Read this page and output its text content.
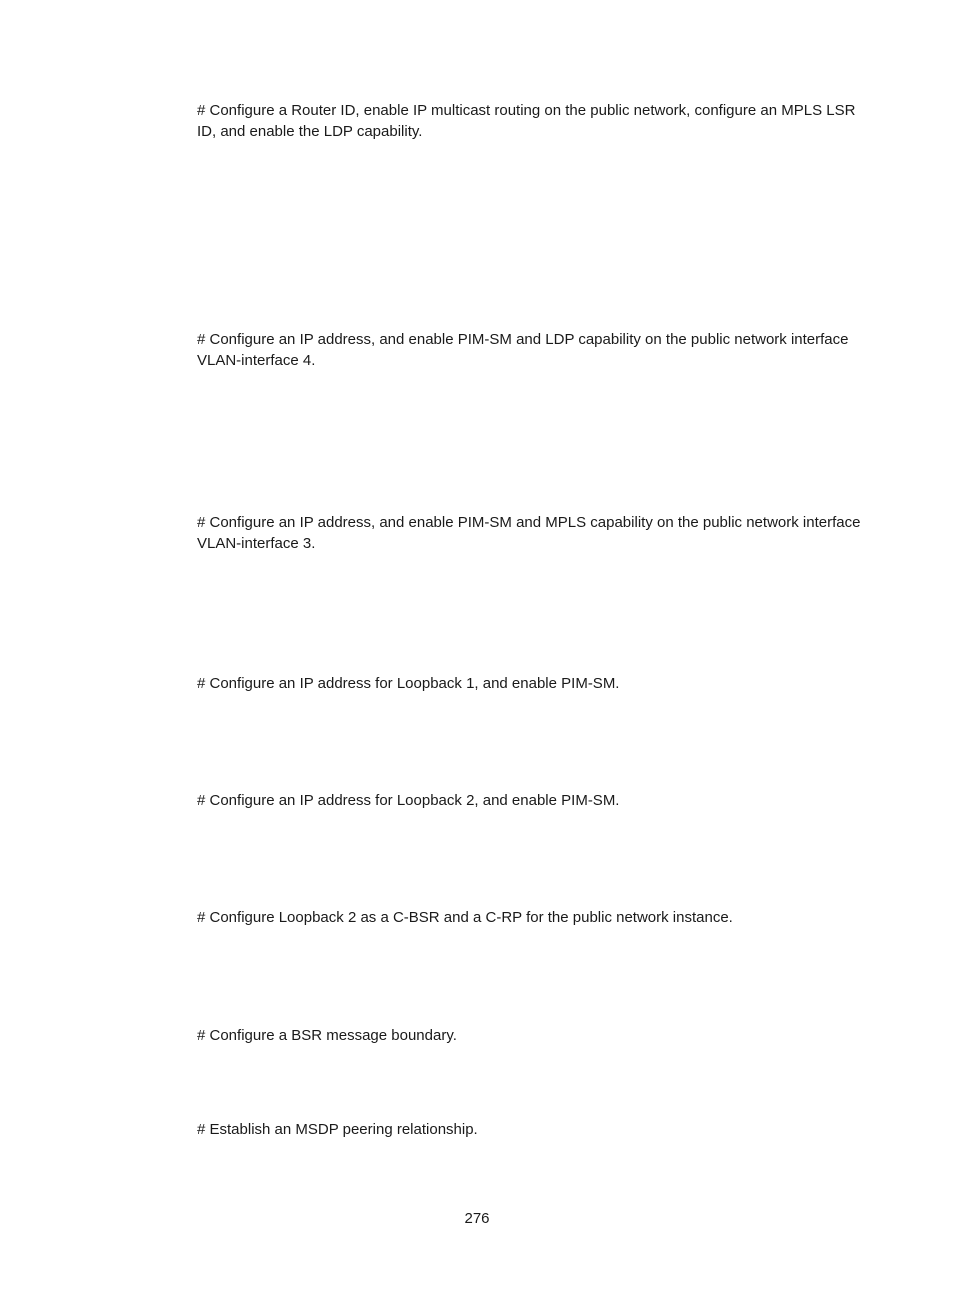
# Configure a Router ID, enable IP multicast routing on the public network, configure an MPLS LSR ID, and enable the LDP capability.

# Configure an IP address, and enable PIM-SM and LDP capability on the public network interface VLAN-interface 4.

# Configure an IP address, and enable PIM-SM and MPLS capability on the public network interface VLAN-interface 3.

# Configure an IP address for Loopback 1, and enable PIM-SM.

# Configure an IP address for Loopback 2, and enable PIM-SM.

# Configure Loopback 2 as a C-BSR and a C-RP for the public network instance.

# Configure a BSR message boundary.

# Establish an MSDP peering relationship.

276
